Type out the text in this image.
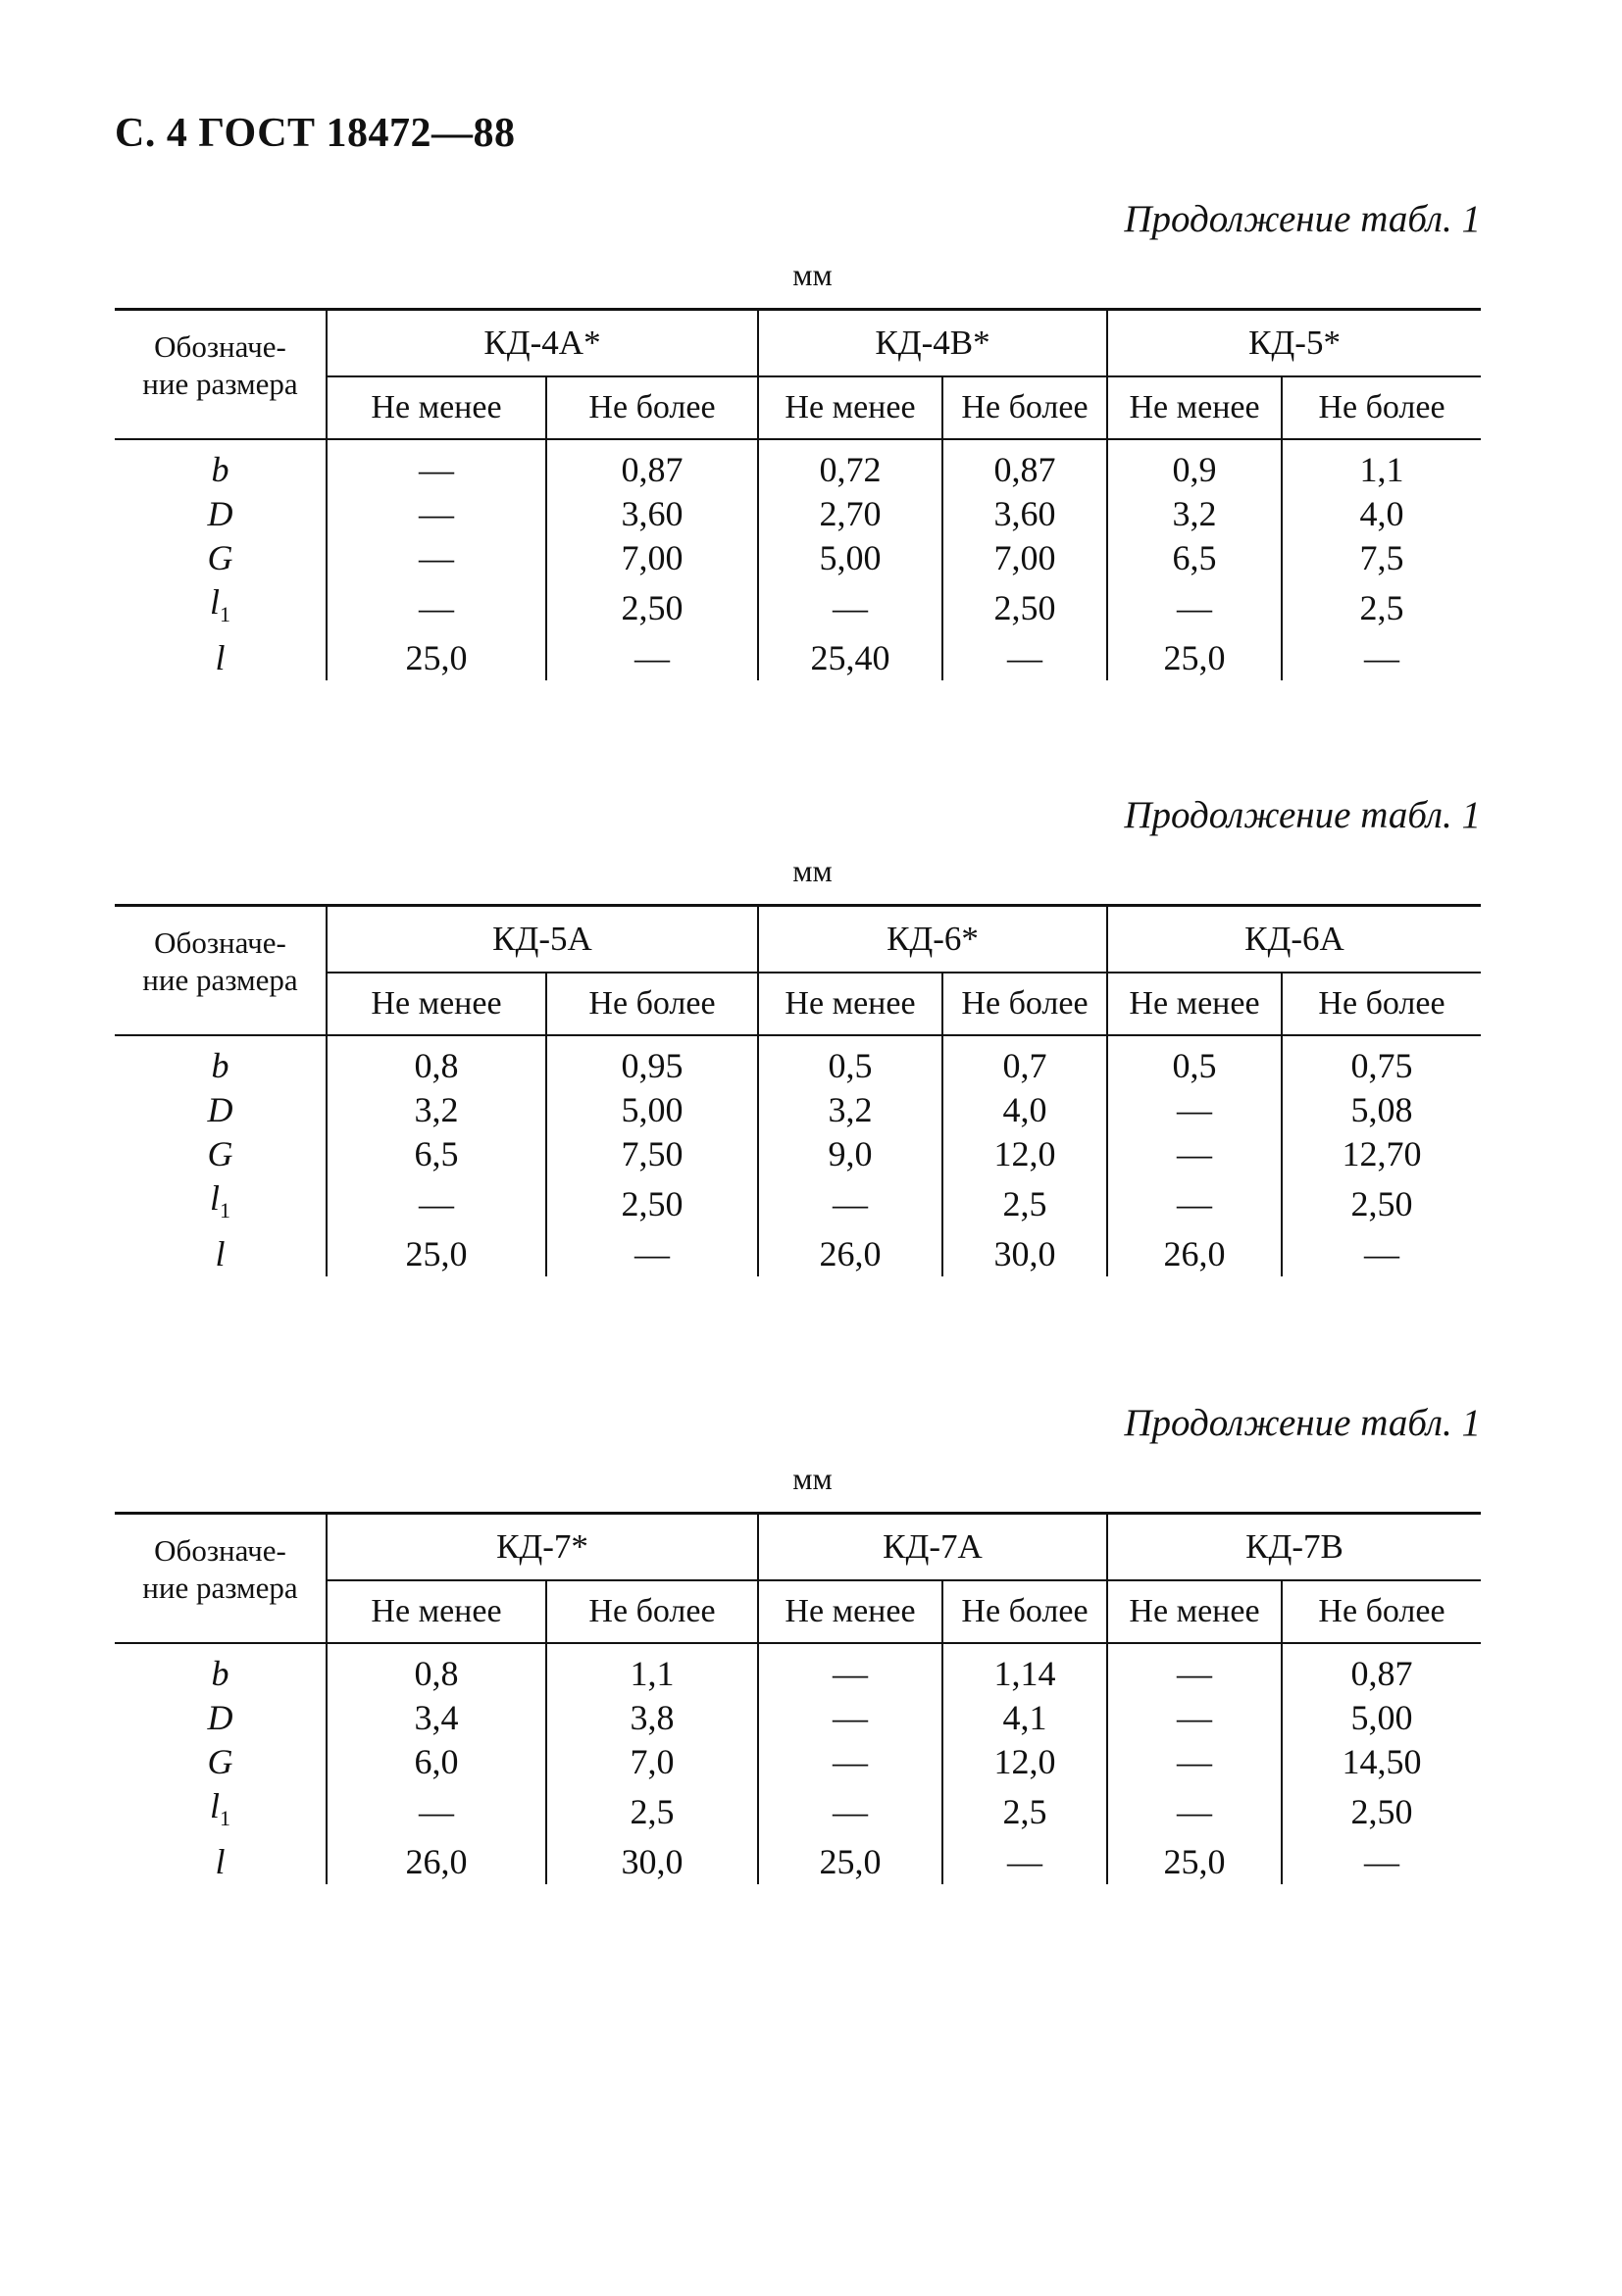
С. 4 ГОСТ 18472—88
Продолжение табл. 1
мм
Обозначе-
ние размера	КД-4А*		КД-4В*		КД-5*	
	Не менее	Не более	Не менее	Не более	Не менее	Не более
b	—	0,87	0,72	0,87	0,9	1,1
D	—	3,60	2,70	3,60	3,2	4,0
G	—	7,00	5,00	7,00	6,5	7,5
$l_1$	—	2,50	—	2,50	—	2,5
l	25,0	—	25,40	—	25,0	—
Продолжение табл. 1
мм
Обозначе-
ние размера	КД-5А		КД-6*		КД-6А	
	Не менее	Не более	Не менее	Не более	Не менее	Не более
b	0,8	0,95	0,5	0,7	0,5	0,75
D	3,2	5,00	3,2	4,0	—	5,08
G	6,5	7,50	9,0	12,0	—	12,70
$l_1$	—	2,50	—	2,5	—	2,50
l	25,0	—	26,0	30,0	26,0	—
Продолжение табл. 1
мм
Обозначе-
ние размера	КД-7*		КД-7А		КД-7В	
	Не менее	Не более	Не менее	Не более	Не менее	Не более
b	0,8	1,1	—	1,14	—	0,87
D	3,4	3,8	—	4,1	—	5,00
G	6,0	7,0	—	12,0	—	14,50
$l_1$	—	2,5	—	2,5	—	2,50
l	26,0	30,0	25,0	—	25,0	—
